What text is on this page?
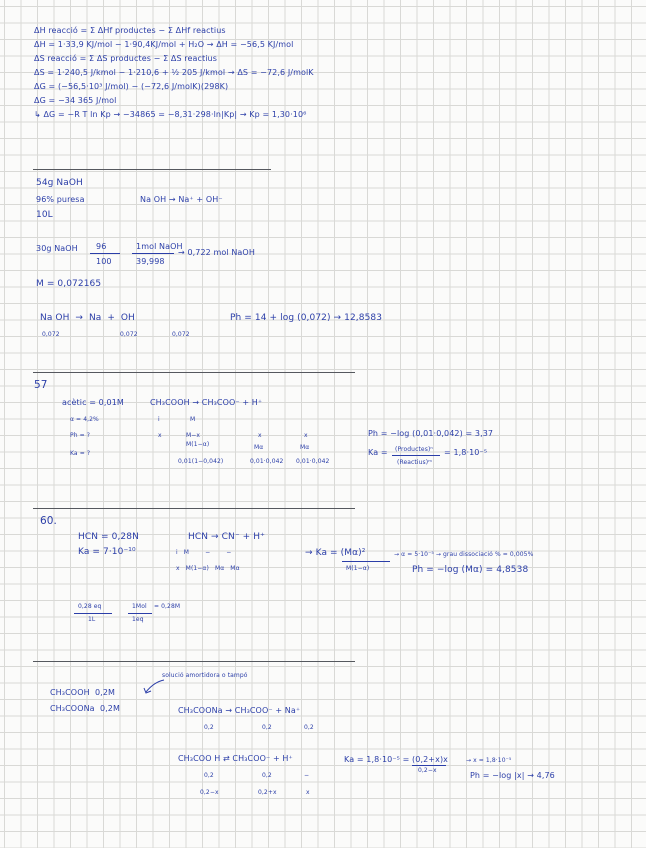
ΔH reacció = Σ ΔHf productes − Σ ΔHf reactius
ΔH = 1·33,9 KJ/mol − 1·90,4KJ/mol + H₂O → ΔH = −56,5 KJ/mol
ΔS reacció = Σ ΔS productes − Σ ΔS reactius
ΔS = 1·240,5 J/kmol − 1·210,6 + ½ 205 J/kmol → ΔS = −72,6 J/molK
ΔG = (−56,5·10³ J/mol) − (−72,6 J/molK)(298K)
ΔG = −34 365 J/mol
↳ ΔG = −R T ln Kp → −34865 = −8,31·298·ln|Kp| → Kp = 1,30·10⁶
54g NaOH
96% puresa	Na OH → Na⁺ + OH⁻
10L
30g NaOH 96
100
1mol NaOH
39,998
→ 0,722 mol NaOH
M = 0,072165
Na OH  →  Na  +  OH	Ph = 14 + log (0,072) → 12,8583
0,072	0,072	0,072
57
acètic = 0,01M	CH₃COOH → CH₃COO⁻ + H⁺
α = 4,2%
Ph = ?
Ka = ?
i
x
M
M−x
M(1−α)
x	x
Mα	Mα
0,01(1−0,042)	0,01·0,042 0,01·0,042
Ph = −log (0,01·0,042) = 3,37
Ka = (Productes)ⁿ
(Reactius)ᵐ
= 1,8·10⁻⁵
60.
HCN = 0,28N
Ka = 7·10⁻¹⁰
HCN → CN⁻ + H⁺
i   M        −        −
x   M(1−α)   Mα   Mα
→ Ka = (Mα)²
M(1−α)
→ α = 5·10⁻⁵ → grau dissociació % = 0,005%
Ph = −log (Mα) = 4,8538
0,28 eq
1L
1Mol
1eq
= 0,28M
solució amortidora o tampó
CH₃COOH  0,2M
CH₃COONa  0,2M	CH₃COONa → CH₃COO⁻ + Na⁺
0,2	0,2	0,2
CH₃COO H ⇄ CH₃COO⁻ + H⁺
0,2	0,2	−
0,2−x	0,2+x	x
Ka = 1,8·10⁻⁵ = (0,2+x)x
0,2−x
→ x = 1,8·10⁻⁵
Ph = −log |x| → 4,76
